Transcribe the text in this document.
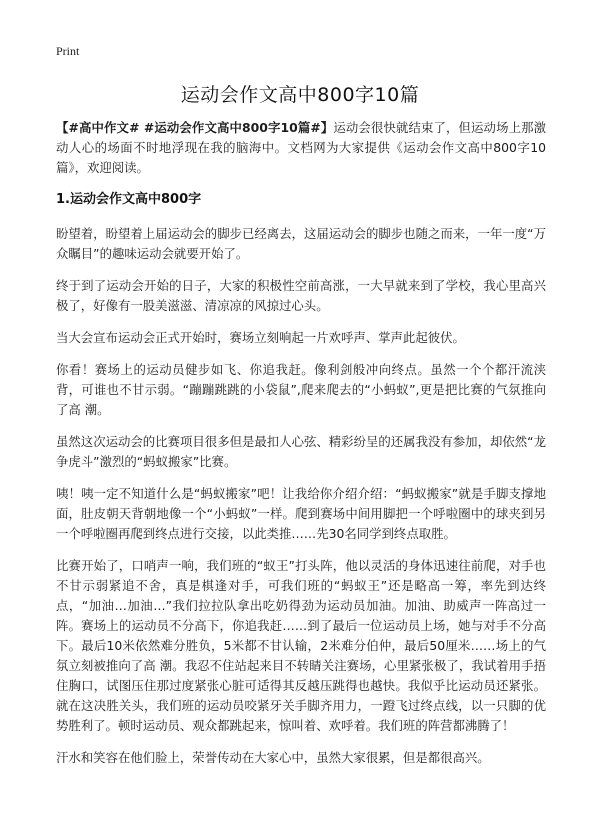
Print
运动会作文高中800字10篇

【#高中作文# #运动会作文高中800字10篇#】运动会很快就结束了，但运动场上那激动人心的场面不时地浮现在我的脑海中。文档网为大家提供《运动会作文高中800字10篇》，欢迎阅读。

1.运动会作文高中800字

盼望着，盼望着上届运动会的脚步已经离去，这届运动会的脚步也随之而来，一年一度“万众瞩目”的趣味运动会就要开始了。

终于到了运动会开始的日子，大家的积极性空前高涨，一大早就来到了学校，我心里高兴极了，好像有一股美滋滋、清凉凉的风掠过心头。

当大会宣布运动会正式开始时，赛场立刻响起一片欢呼声、掌声此起彼伏。

你看！赛场上的运动员健步如飞、你追我赶。像利剑般冲向终点。虽然一个个都汗流浃背，可谁也不甘示弱。“蹦蹦跳跳的小袋鼠”,爬来爬去的“小蚂蚁”,更是把比赛的气氛推向了高 潮。

虽然这次运动会的比赛项目很多但是最扣人心弦、精彩纷呈的还属我没有参加，却依然“龙争虎斗”激烈的“蚂蚁搬家”比赛。

咦！咦一定不知道什么是“蚂蚁搬家”吧！让我给你介绍介绍：“蚂蚁搬家”就是手脚支撑地面，肚皮朝天背朝地像一个“小蚂蚁”一样。爬到赛场中间用脚把一个呼啦圈中的球夹到另一个呼啦圈再爬到终点进行交接，以此类推……先30名同学到终点取胜。

比赛开始了，口哨声一响，我们班的“蚁王”打头阵，他以灵活的身体迅速往前爬，对手也不甘示弱紧追不舍，真是棋逢对手，可我们班的“蚂蚁王”还是略高一筹，率先到达终点，“加油…加油…”我们拉拉队拿出吃奶得劲为运动员加油。加油、助威声一阵高过一阵。赛场上的运动员不分高下，你追我赶……到了最后一位运动员上场，她与对手不分高下。最后10米依然难分胜负，5米都不甘认输，2米难分伯仲，最后50厘米……场上的气氛立刻被推向了高 潮。我忍不住站起来目不转睛关注赛场，心里紧张极了，我试着用手捂住胸口，试图压住那过度紧张心脏可适得其反越压跳得也越快。我似乎比运动员还紧张。就在这决胜关头，我们班的运动员咬紧牙关手脚齐用力，一蹬飞过终点线，以一只脚的优势胜利了。顿时运动员、观众都跳起来，惊叫着、欢呼着。我们班的阵营都沸腾了！

汗水和笑容在他们脸上，荣誉传动在大家心中，虽然大家很累，但是都很高兴。
